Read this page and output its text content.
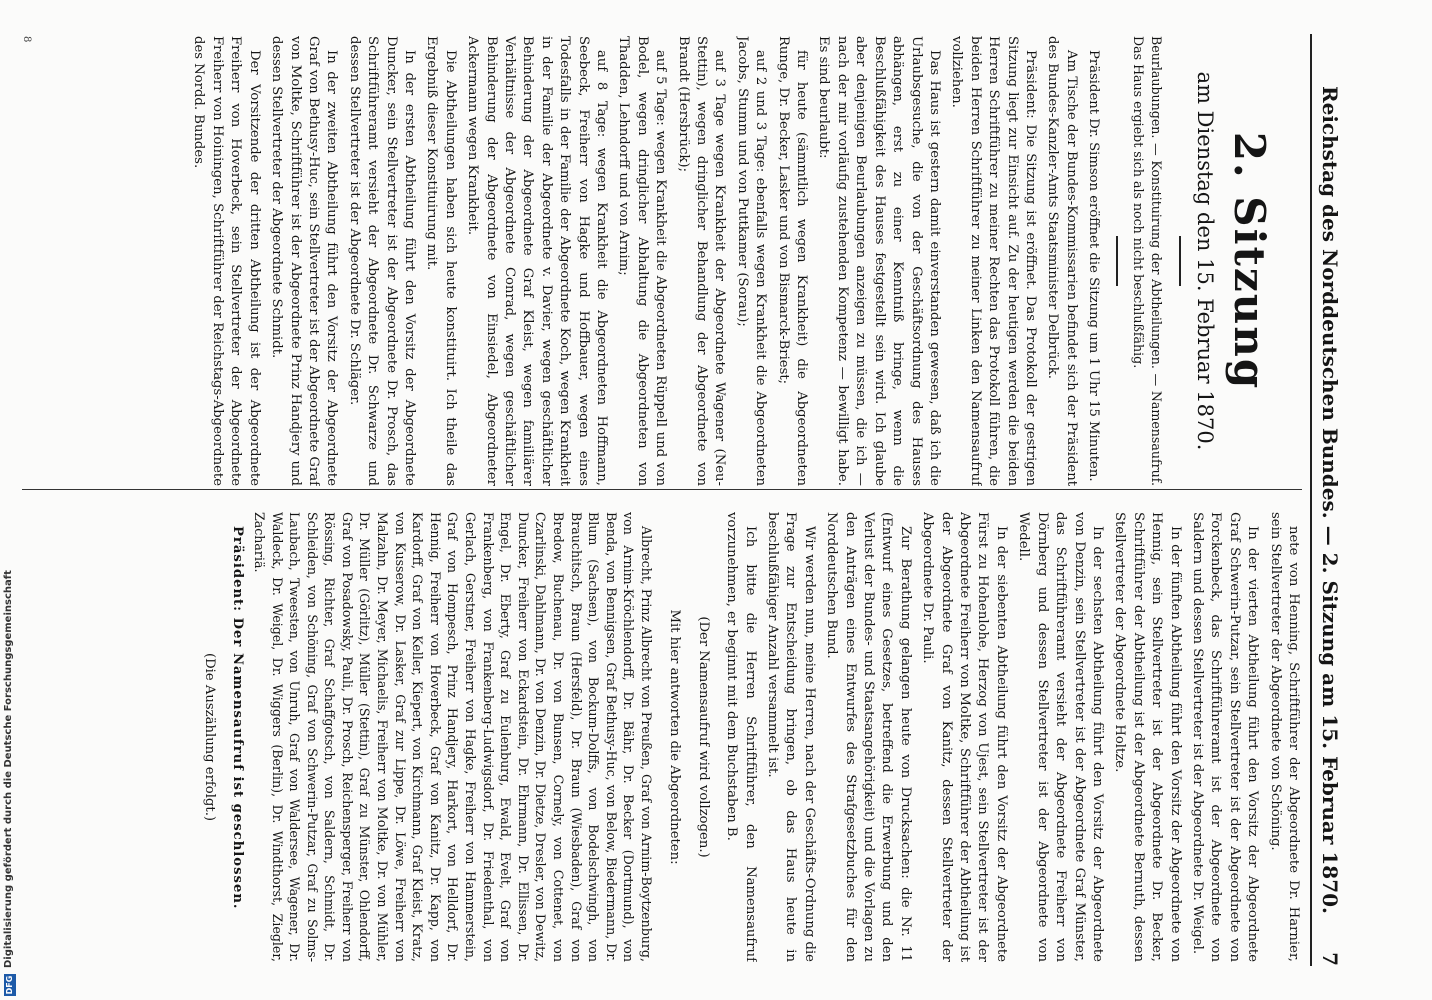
Reichstag des Norddeutschen Bundes. — 2. Sitzung am 15. Februar 1870.
7
2. Sitzung
am Dienstag den 15. Februar 1870.

Beurlaubungen. — Konstituirung der Abtheilungen. — Namensaufruf. Das Haus ergiebt sich als noch nicht beschlußfähig.

Präsident Dr. Simson eröffnet die Sitzung um 1 Uhr 15 Minuten.

Am Tische der Bundes-Kommissarien befindet sich der Präsident des Bundes-Kanzler-Amts Staatsminister Delbrück.

Präsident: Die Sitzung ist eröffnet. Das Protokoll der gestrigen Sitzung liegt zur Einsicht auf. Zu der heutigen werden die beiden Herren Schriftführer zu meiner Rechten das Protokoll führen, die beiden Herren Schriftführer zu meiner Linken den Namensaufruf vollziehen.

Das Haus ist gestern damit einverstanden gewesen, daß ich die Urlaubsgesuche, die von der Geschäftsordnung des Hauses abhängen, erst zu einer Kenntniß bringe, wenn die Beschlußfähigkeit des Hauses festgestellt sein wird. Ich glaube aber denjenigen Beurlaubungen anzeigen zu müssen, die ich — nach der mir vorläufig zustehenden Kompetenz — bewilligt habe. Es sind beurlaubt:

für heute (sämmtlich wegen Krankheit) die Abgeordneten Runge, Dr. Becker, Lasker und von Bismarck-Briest;

auf 2 und 3 Tage: ebenfalls wegen Krankheit die Abgeordneten Jacobs, Stumm und von Puttkamer (Sorau);

auf 3 Tage wegen Krankheit der Abgeordnete Wagener (Neu-Stettin), wegen dringlicher Behandlung der Abgeordnete von Brandt (Hersbrück);

auf 5 Tage: wegen Krankheit die Abgeordneten Rüppell und von Bodel, wegen dringlicher Abhaltung die Abgeordneten von Thadden, Lehndorff und von Arnim;

auf 8 Tage: wegen Krankheit die Abgeordneten Hoffmann, Seebeck, Freiherr von Hagke und Hoffbauer, wegen eines Todesfalls in der Familie der Abgeordnete Koch, wegen Krankheit in der Familie der Abgeordnete v. Davier, wegen geschäftlicher Behinderung der Abgeordnete Graf Kleist, wegen familiärer Verhältnisse der Abgeordnete Conrad, wegen geschäftlicher Behinderung der Abgeordnete von Einsiedel, Abgeordneter Ackermann wegen Krankheit.

Die Abtheilungen haben sich heute konstituirt. Ich theile das Ergebniß dieser Konstituirung mit.

In der ersten Abtheilung führt den Vorsitz der Abgeordnete Duncker, sein Stellvertreter ist der Abgeordnete Dr. Prosch, das Schriftführeramt versieht der Abgeordnete Dr. Schwarze und dessen Stellvertreter ist der Abgeordnete Dr. Schläger.

In der zweiten Abtheilung führt den Vorsitz der Abgeordnete Graf von Bethusy-Huc, sein Stellvertreter ist der Abgeordnete Graf von Moltke, Schriftführer ist der Abgeordnete Prinz Handjery und dessen Stellvertreter der Abgeordnete Schmidt.

Der Vorsitzende der dritten Abtheilung ist der Abgeordnete Freiherr von Hoverbeck, sein Stellvertreter der Abgeordnete Freiherr von Hoiningen, Schriftführer der Reichstags-Abgeordnete des Nordd. Bundes.

nete von Henning, Schriftführer der Abgeordnete Dr. Harnier, sein Stellvertreter der Abgeordnete von Schöning.

In der vierten Abtheilung führt den Vorsitz der Abgeordnete Graf Schwerin-Putzar, sein Stellvertreter ist der Abgeordnete von Forckenbeck, das Schriftführeramt ist der Abgeordnete von Saldern und dessen Stellvertreter ist der Abgeordnete Dr. Weigel.

In der fünften Abtheilung führt den Vorsitz der Abgeordnete von Hennig, sein Stellvertreter ist der Abgeordnete Dr. Becker, Schriftführer der Abtheilung ist der Abgeordnete Bernuth, dessen Stellvertreter der Abgeordnete Holtze.

In der sechsten Abtheilung führt den Vorsitz der Abgeordnete von Denzin, sein Stellvertreter ist der Abgeordnete Graf Münster, das Schriftführeramt versieht der Abgeordnete Freiherr von Dörnberg und dessen Stellvertreter ist der Abgeordnete von Wedell.

In der siebenten Abtheilung führt den Vorsitz der Abgeordnete Fürst zu Hohenlohe, Herzog von Ujest, sein Stellvertreter ist der Abgeordnete Freiherr von Moltke, Schriftführer der Abtheilung ist der Abgeordnete Graf von Kanitz, dessen Stellvertreter der Abgeordnete Dr. Pauli.

Zur Berathung gelangen heute von Drucksachen: die Nr. 11 (Entwurf eines Gesetzes, betreffend die Erwerbung und den Verlust der Bundes- und Staatsangehörigkeit) und die Vorlagen zu den Anträgen eines Entwurfes des Strafgesetzbuches für den Norddeutschen Bund.

Wir werden nun, meine Herren, nach der Geschäfts-Ordnung die Frage zur Entscheidung bringen, ob das Haus heute in beschlußfähiger Anzahl versammelt ist.

Ich bitte die Herren Schriftführer, den Namensaufruf vorzunehmen, er beginnt mit dem Buchstaben B.

(Der Namensaufruf wird vollzogen.)

Mit hier antworten die Abgeordneten:

Albrecht, Prinz Albrecht von Preußen, Graf von Arnim-Boytzenburg, von Arnim-Kröchlendorff, Dr. Bähr, Dr. Becker (Dortmund), von Benda, von Bennigsen, Graf Bethusy-Huc, von Below, Biedermann, Dr. Blum (Sachsen), von Bockum-Dolffs, von Bodelschwingh, von Brauchitsch, Braun (Hersfeld), Dr. Braun (Wiesbaden), Graf von Bredow, Buchenau, Dr. von Bunsen, Cornely, von Cottenet, von Czarlinski, Dahlmann, Dr. von Denzin, Dr. Dietze, Dresler, von Dewitz, Duncker, Freiherr von Eckardstein, Dr. Ehrmann, Dr. Ellissen, Dr. Engel, Dr. Eberty, Graf zu Eulenburg, Ewald, Evelt, Graf von Frankenberg, von Frankenberg-Ludwigsdorf, Dr. Friedenthal, von Gerlach, Gerstner, Freiherr von Hagke, Freiherr von Hammerstein, Graf von Hompesch, Prinz Handjery, Harkort, von Helldorf, Dr. Hennig, Freiherr von Hoverbeck, Graf von Kanitz, Dr. Kapp, von Kardorff, Graf von Keller, Kiepert, von Kirchmann, Graf Kleist, Kratz, von Kusserow, Dr. Lasker, Graf zur Lippe, Dr. Löwe, Freiherr von Malzahn, Dr. Meyer, Michaelis, Freiherr von Moltke, Dr. von Mühler, Dr. Müller (Görlitz), Müller (Stettin), Graf zu Münster, Ohlendorff, Graf von Posadowsky, Pauli, Dr. Prosch, Reichensperger, Freiherr von Rössing, Richter, Graf Schaffgotsch, von Saldern, Schmidt, Dr. Schleiden, von Schöning, Graf von Schwerin-Putzar, Graf zu Solms-Laubach, Tweesten, von Unruh, Graf von Waldersee, Wagener, Dr. Waldeck, Dr. Weigel, Dr. Wiggers (Berlin), Dr. Windthorst, Ziegler, Zachariä.

Präsident: Der Namensaufruf ist geschlossen.

(Die Auszählung erfolgt.)

8
DFG
Digitalisierung gefördert durch die Deutsche Forschungsgemeinschaft
